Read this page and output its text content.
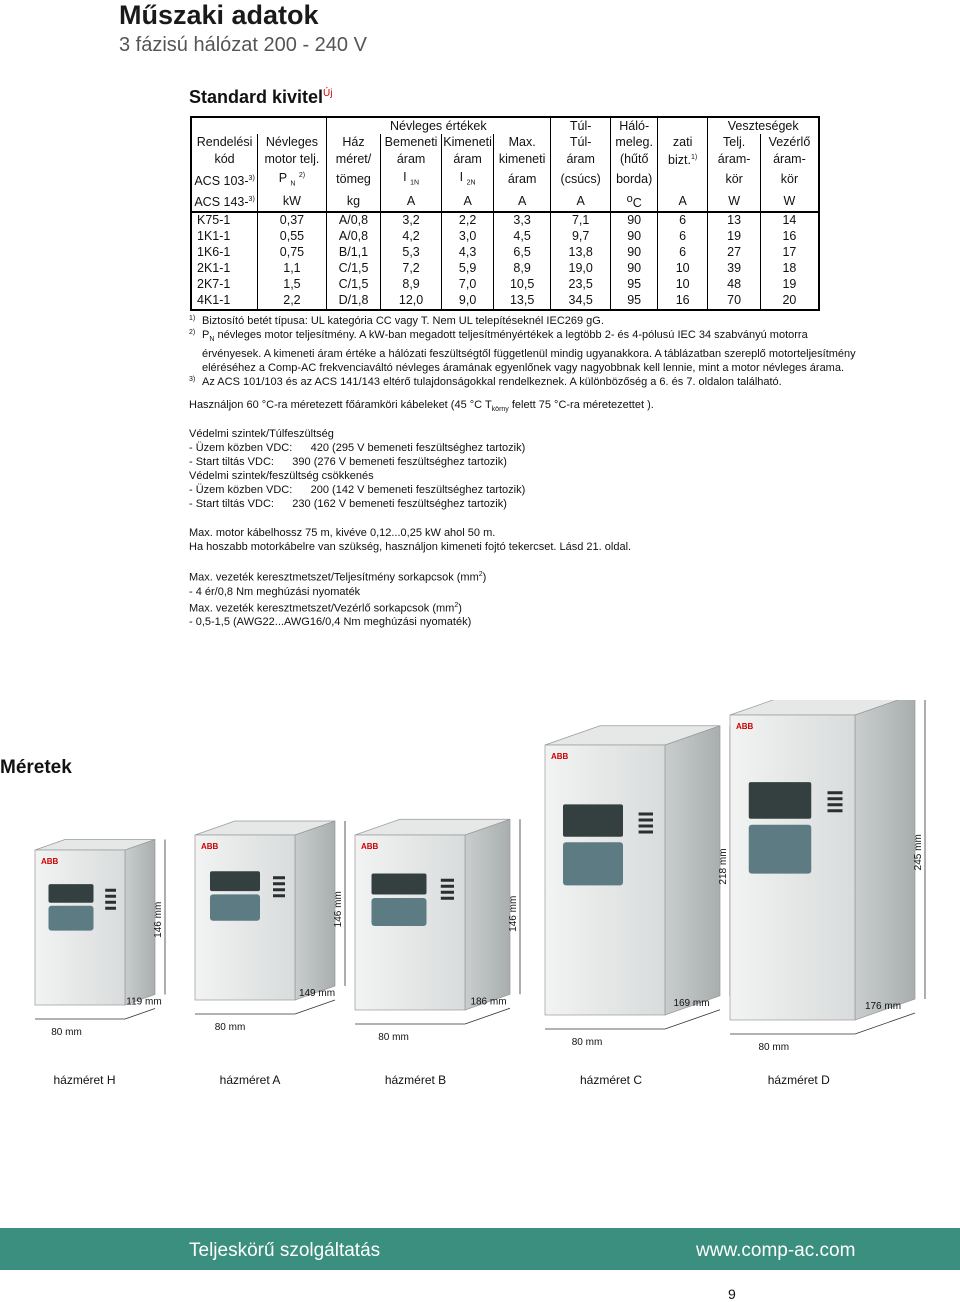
Műszaki adatok
3 fázisú hálózat 200 - 240 V
Standard kivitel$^{Új}$
		Névleges értékek				Túl-	Háló-		Veszteségek	
Rendelési	Névleges	Ház	Bemeneti	Kimeneti	Max.	Túl-	meleg.	zati	Telj.	Vezérlő
kód	motor telj.	méret/	áram	áram	kimeneti	áram	(hűtő	bizt.$^{1)}$	áram-	áram-
ACS 103-$^{3)}$	P $_N$ $^{2)}$	tömeg	I $_{1N}$	I $_{2N}$	áram	(csúcs)	borda)		kör	kör
ACS 143-$^{3)}$	kW	kg	A	A	A	A	$^o$C	A	W	W
K75-1	0,37	A/0,8	3,2	2,2	3,3	7,1	90	6	13	14
1K1-1	0,55	A/0,8	4,2	3,0	4,5	9,7	90	6	19	16
1K6-1	0,75	B/1,1	5,3	4,3	6,5	13,8	90	6	27	17
2K1-1	1,1	C/1,5	7,2	5,9	8,9	19,0	90	10	39	18
2K7-1	1,5	C/1,5	8,9	7,0	10,5	23,5	95	10	48	19
4K1-1	2,2	D/1,8	12,0	9,0	13,5	34,5	95	16	70	20
1) Biztosító betét típusa: UL kategória CC vagy T. Nem UL telepítéseknél IEC269 gG.
2) $P_N$ névleges motor teljesítmény. A kW-ban megadott teljesítményértékek a legtöbb 2- és 4-pólusú IEC 34 szabványú motorra
érvényesek. A kimeneti áram értéke a hálózati feszültségtől függetlenül mindig ugyanakkora. A táblázatban szereplő motorteljesítmény
eléréséhez a Comp-AC frekvenciaváltó névleges áramának egyenlőnek vagy nagyobbnak kell lennie, mint a motor névleges árama.
3) Az ACS 101/103 és az ACS 141/143 eltérő tulajdonságokkal rendelkeznek. A különbözőség a 6. és 7. oldalon található.
Használjon 60 °C-ra méretezett főáramköri kábeleket (45 °C $T_{körny}$ felett 75 °C-ra méretezettet ).
Védelmi szintek/Túlfeszültség
- Üzem közben VDC:      420 (295 V bemeneti feszültséghez tartozik)
- Start tiltás VDC:      390 (276 V bemeneti feszültséghez tartozik)
Védelmi szintek/feszültség csökkenés
- Üzem közben VDC:      200 (142 V bemeneti feszültséghez tartozik)
- Start tiltás VDC:      230 (162 V bemeneti feszültséghez tartozik)
Max. motor kábelhossz 75 m, kivéve 0,12...0,25 kW ahol 50 m.
Ha hoszabb motorkábelre van szükség, használjon kimeneti fojtó tekercset. Lásd 21. oldal.
Max. vezeték keresztmetszet/Teljesítmény sorkapcsok $(mm^2)$
- 4 ér/0,8 Nm meghúzási nyomaték
Max. vezeték keresztmetszet/Vezérlő sorkapcsok $(mm^2)$
- 0,5-1,5 (AWG22...AWG16/0,4 Nm meghúzási nyomaték)
Méretek
ABB
146 mm
80 mm
119 mm
házméret H
ABB
146 mm
80 mm
149 mm
házméret A
ABB
146 mm
80 mm
186 mm
házméret B
ABB
218 mm
80 mm
169 mm
házméret C
ABB
245 mm
80 mm
176 mm
házméret D
Teljeskörű szolgáltatás	www.comp-ac.com
9
